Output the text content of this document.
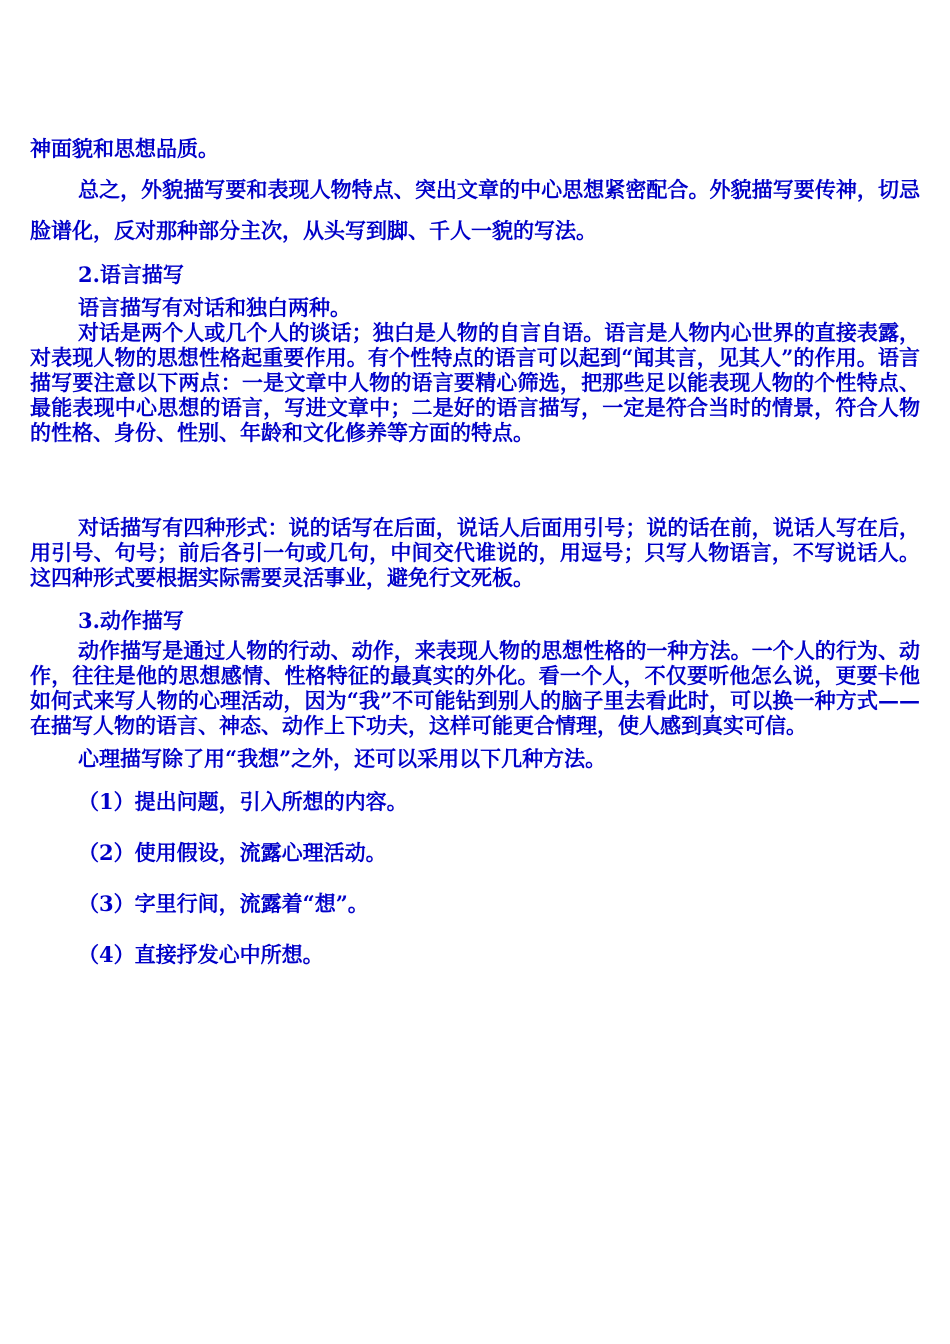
神面貌和思想品质。

总之，外貌描写要和表现人物特点、突出文章的中心思想紧密配合。外貌描写要传神，切忌脸谱化，反对那种部分主次，从头写到脚、千人一貌的写法。

2.语言描写

语言描写有对话和独白两种。

对话是两个人或几个人的谈话；独白是人物的自言自语。语言是人物内心世界的直接表露，对表现人物的思想性格起重要作用。有个性特点的语言可以起到“闻其言，见其人”的作用。语言描写要注意以下两点：一是文章中人物的语言要精心筛选，把那些足以能表现人物的个性特点、最能表现中心思想的语言，写进文章中；二是好的语言描写，一定是符合当时的情景，符合人物的性格、身份、性别、年龄和文化修养等方面的特点。

对话描写有四种形式：说的话写在后面，说话人后面用引号；说的话在前，说话人写在后，用引号、句号；前后各引一句或几句，中间交代谁说的，用逗号；只写人物语言，不写说话人。这四种形式要根据实际需要灵活事业，避免行文死板。

3.动作描写

动作描写是通过人物的行动、动作，来表现人物的思想性格的一种方法。一个人的行为、动作，往往是他的思想感情、性格特征的最真实的外化。看一个人，不仅要听他怎么说，更要卡他如何式来写人物的心理活动，因为“我”不可能钻到别人的脑子里去看此时，可以换一种方式——在描写人物的语言、神态、动作上下功夫，这样可能更合情理，使人感到真实可信。

心理描写除了用“我想”之外，还可以采用以下几种方法。

（1）提出问题，引入所想的内容。

（2）使用假设，流露心理活动。

（3）字里行间，流露着“想”。

（4）直接抒发心中所想。
